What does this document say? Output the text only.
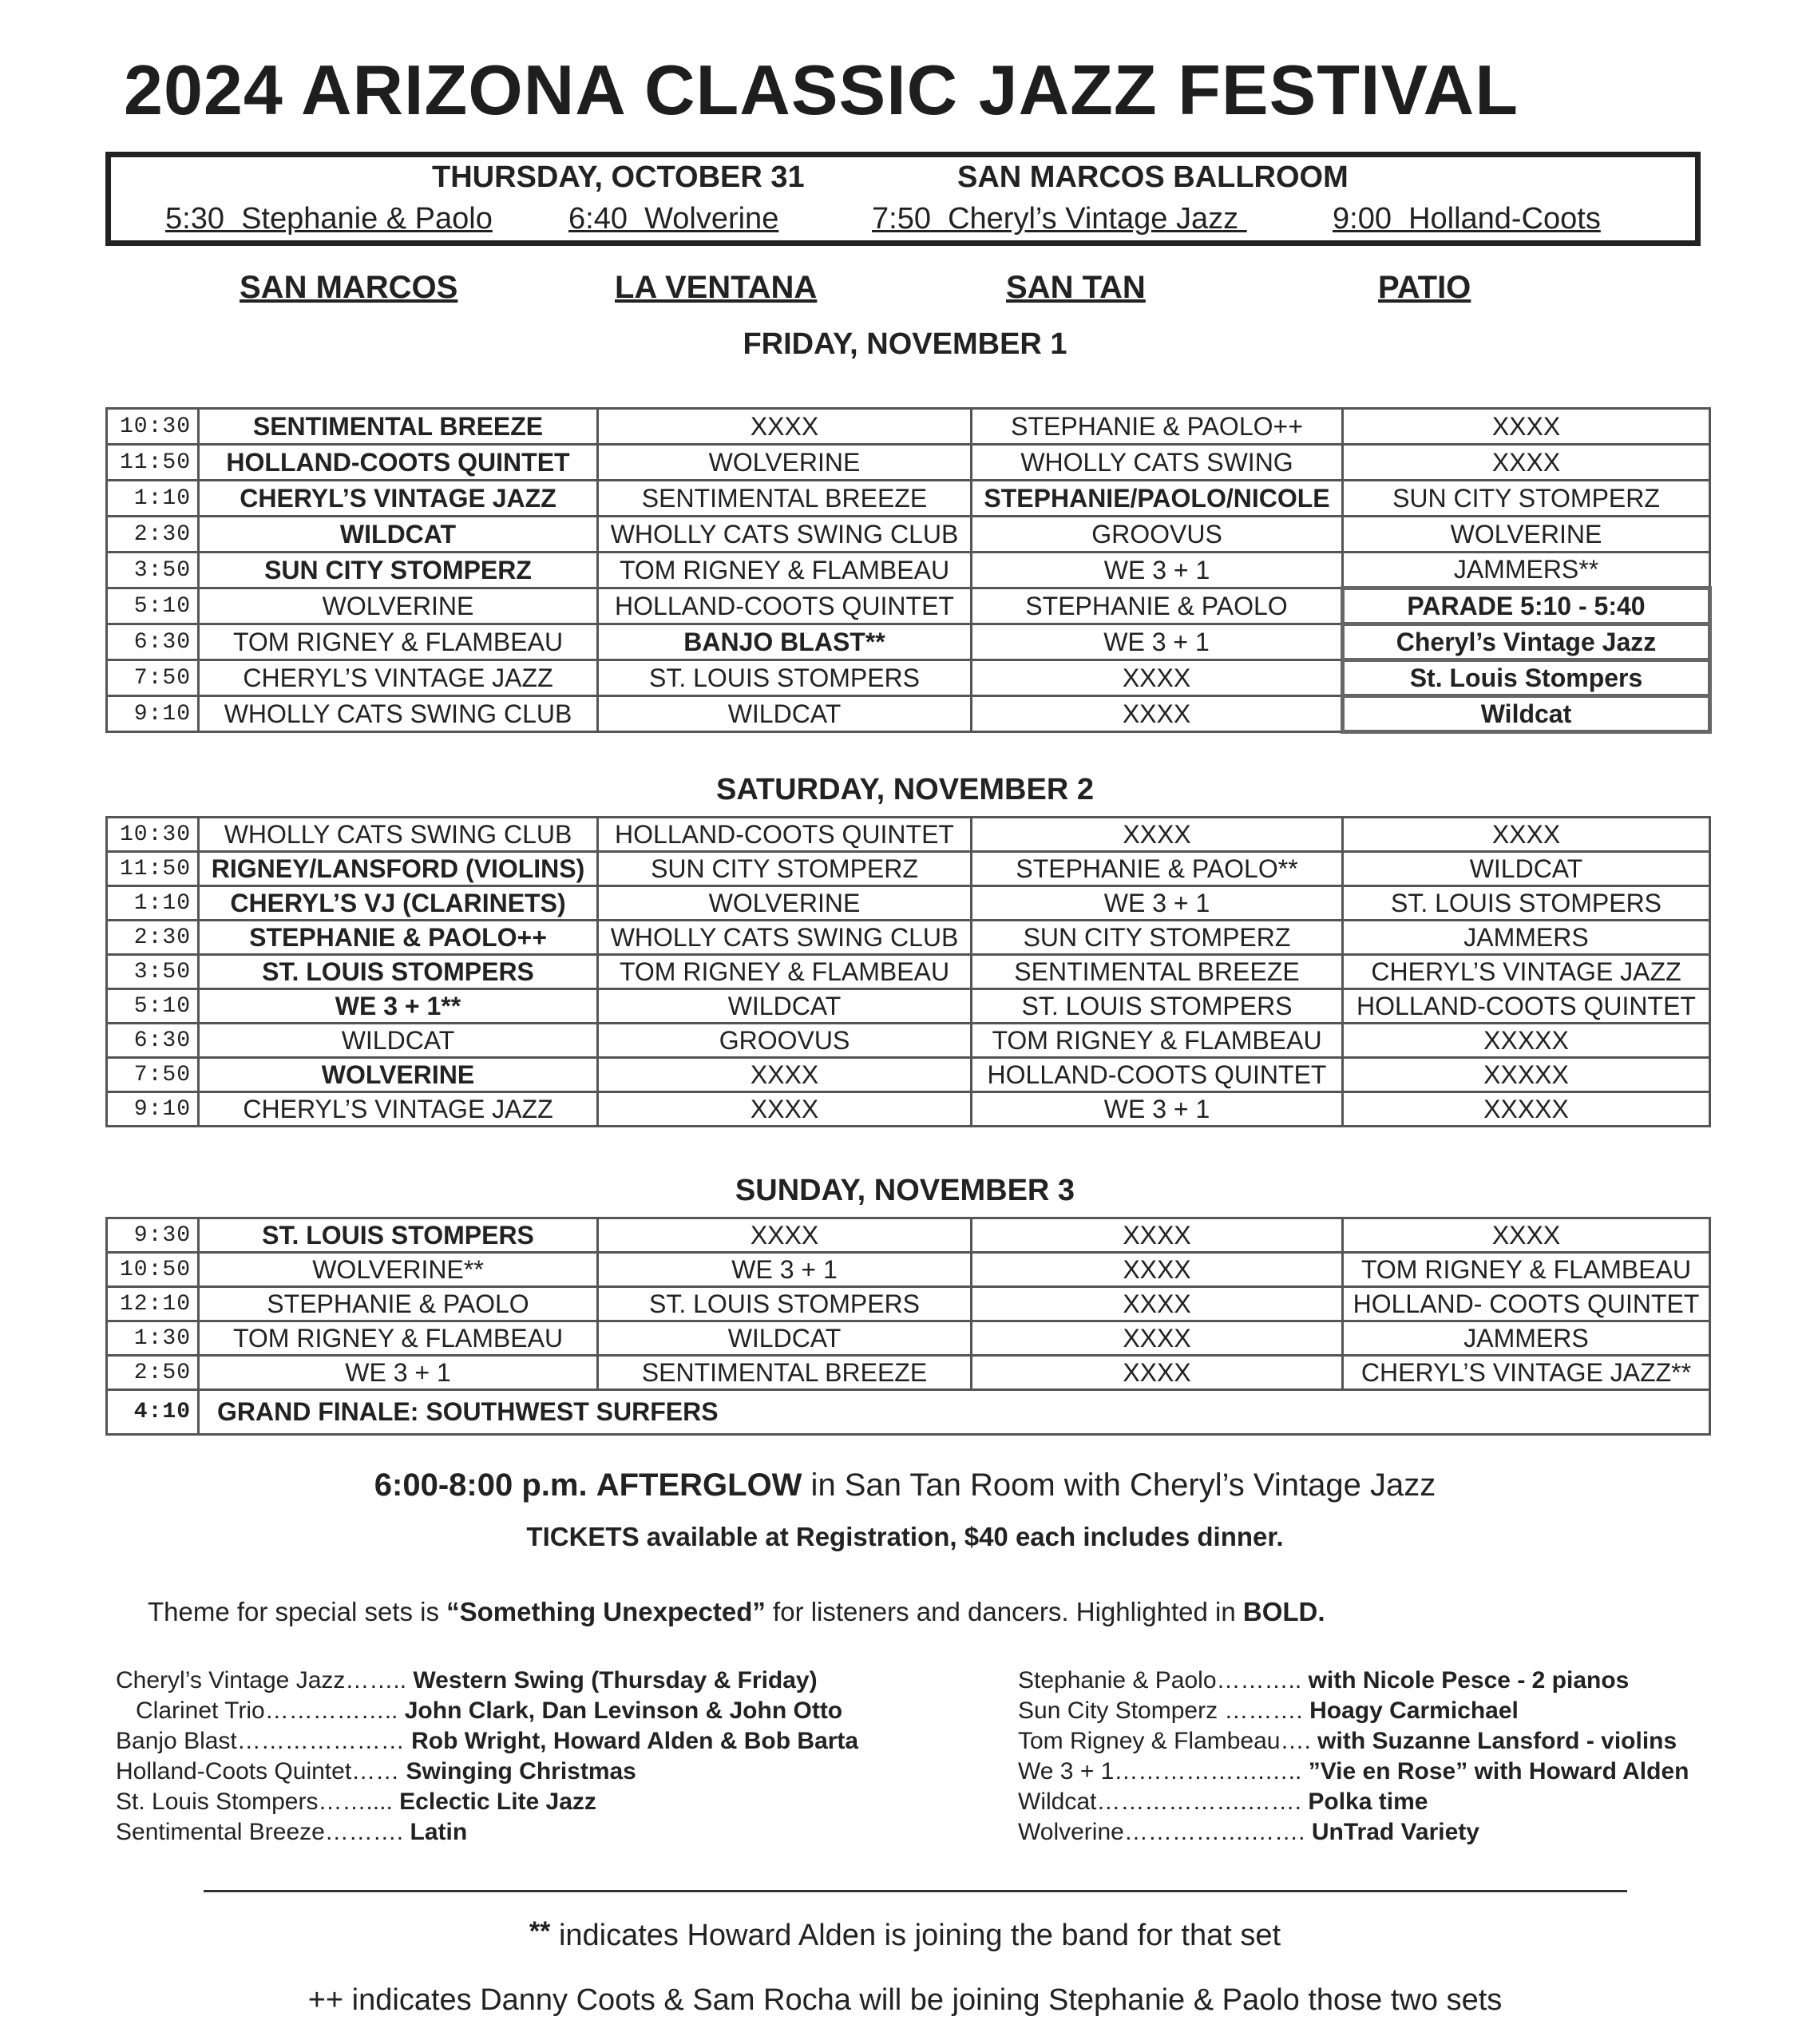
2024 ARIZONA CLASSIC JAZZ FESTIVAL
THURSDAY, OCTOBER 31	SAN MARCOS BALLROOM
5:30  Stephanie & Paolo	6:40  Wolverine	7:50  Cheryl’s Vintage Jazz	9:00  Holland-Coots
SAN MARCOS	LA VENTANA	SAN TAN	PATIO
FRIDAY, NOVEMBER 1
10:30	SENTIMENTAL BREEZE	XXXX	STEPHANIE & PAOLO++	XXXX
11:50	HOLLAND-COOTS QUINTET	WOLVERINE	WHOLLY CATS SWING	XXXX
1:10	CHERYL’S VINTAGE JAZZ	SENTIMENTAL BREEZE	STEPHANIE/PAOLO/NICOLE	SUN CITY STOMPERZ
2:30	WILDCAT	WHOLLY CATS SWING CLUB	GROOVUS	WOLVERINE
3:50	SUN CITY STOMPERZ	TOM RIGNEY & FLAMBEAU	WE 3 + 1	JAMMERS**
5:10	WOLVERINE	HOLLAND-COOTS QUINTET	STEPHANIE & PAOLO	PARADE 5:10 - 5:40
6:30	TOM RIGNEY & FLAMBEAU	BANJO BLAST**	WE 3 + 1	Cheryl’s Vintage Jazz
7:50	CHERYL’S VINTAGE JAZZ	ST. LOUIS STOMPERS	XXXX	St. Louis Stompers
9:10	WHOLLY CATS SWING CLUB	WILDCAT	XXXX	Wildcat
SATURDAY, NOVEMBER 2
10:30	WHOLLY CATS SWING CLUB	HOLLAND-COOTS QUINTET	XXXX	XXXX
11:50	RIGNEY/LANSFORD (VIOLINS)	SUN CITY STOMPERZ	STEPHANIE & PAOLO**	WILDCAT
1:10	CHERYL’S VJ (CLARINETS)	WOLVERINE	WE 3 + 1	ST. LOUIS STOMPERS
2:30	STEPHANIE & PAOLO++	WHOLLY CATS SWING CLUB	SUN CITY STOMPERZ	JAMMERS
3:50	ST. LOUIS STOMPERS	TOM RIGNEY & FLAMBEAU	SENTIMENTAL BREEZE	CHERYL’S VINTAGE JAZZ
5:10	WE 3 + 1**	WILDCAT	ST. LOUIS STOMPERS	HOLLAND-COOTS QUINTET
6:30	WILDCAT	GROOVUS	TOM RIGNEY & FLAMBEAU	XXXXX
7:50	WOLVERINE	XXXX	HOLLAND-COOTS QUINTET	XXXXX
9:10	CHERYL’S VINTAGE JAZZ	XXXX	WE 3 + 1	XXXXX
SUNDAY, NOVEMBER 3
9:30	ST. LOUIS STOMPERS	XXXX	XXXX	XXXX
10:50	WOLVERINE**	WE 3 + 1	XXXX	TOM RIGNEY & FLAMBEAU
12:10	STEPHANIE & PAOLO	ST. LOUIS STOMPERS	XXXX	HOLLAND- COOTS QUINTET
1:30	TOM RIGNEY & FLAMBEAU	WILDCAT	XXXX	JAMMERS
2:50	WE 3 + 1	SENTIMENTAL BREEZE	XXXX	CHERYL’S VINTAGE JAZZ**
4:10	GRAND FINALE: SOUTHWEST SURFERS			
6:00-8:00 p.m. AFTERGLOW in San Tan Room with Cheryl’s Vintage Jazz
TICKETS available at Registration, $40 each includes dinner.
Theme for special sets is “Something Unexpected” for listeners and dancers. Highlighted in BOLD.
Cheryl’s Vintage Jazz…….. Western Swing (Thursday & Friday)
Clarinet Trio…………….. John Clark, Dan Levinson & John Otto
Banjo Blast………………… Rob Wright, Howard Alden & Bob Barta
Holland-Coots Quintet…… Swinging Christmas
St. Louis Stompers…….... Eclectic Lite Jazz
Sentimental Breeze………. Latin
Stephanie & Paolo……….. with Nicole Pesce - 2 pianos
Sun City Stomperz ………. Hoagy Carmichael
Tom Rigney & Flambeau…. with Suzanne Lansford - violins
We 3 + 1……………….….. ”Vie en Rose” with Howard Alden
Wildcat……………….……. Polka time
Wolverine…………….……. UnTrad Variety
** indicates Howard Alden is joining the band for that set
++ indicates Danny Coots & Sam Rocha will be joining Stephanie & Paolo those two sets
